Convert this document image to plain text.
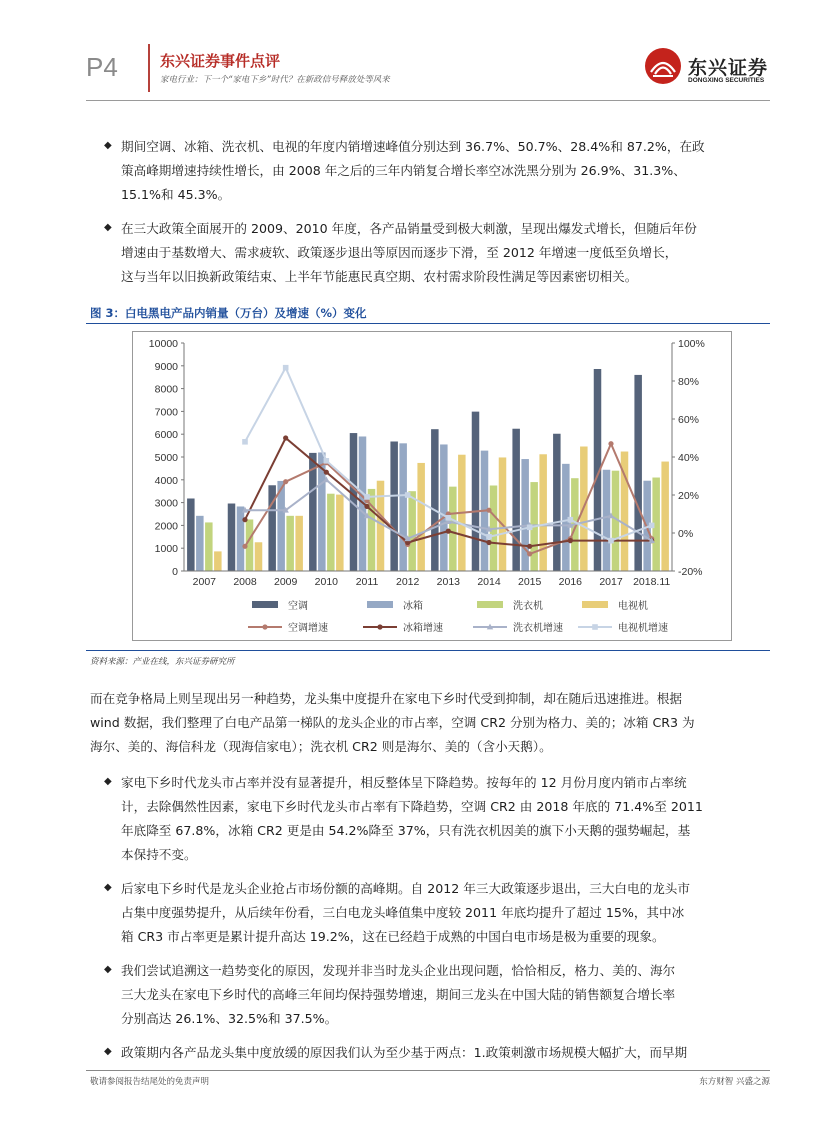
P4	东兴证券事件点评
家电行业：下一个“家电下乡”时代？在新政信号释放处等风来
东兴证券
DONGXING SECURITIES
图 3：白电黑电产品内销量（万台）及增速（%）变化
0
1000
2000
3000
4000
5000
6000
7000
8000
9000
10000
-20%
0%
20%
40%
60%
80%
100%
2007 2008 2009 2010 2011 2012 2013 2014 2015 2016 2017 2018.11
空调	冰箱	洗衣机	电视机
空调增速	冰箱增速	洗衣机增速	电视机增速
资料来源：产业在线，东兴证券研究所
敬请参阅报告结尾处的免责声明	东方财智 兴盛之源
◆ 期间空调、冰箱、洗衣机、电视的年度内销增速峰值分别达到 36.7%、50.7%、28.4%和 87.2%，在政
策高峰期增速持续性增长，由 2008 年之后的三年内销复合增长率空冰洗黑分别为 26.9%、31.3%、
15.1%和 45.3%。
◆ 在三大政策全面展开的 2009、2010 年度，各产品销量受到极大刺激，呈现出爆发式增长，但随后年份
增速由于基数增大、需求疲软、政策逐步退出等原因而逐步下滑，至 2012 年增速一度低至负增长，
这与当年以旧换新政策结束、上半年节能惠民真空期、农村需求阶段性满足等因素密切相关。
而在竞争格局上则呈现出另一种趋势，龙头集中度提升在家电下乡时代受到抑制，却在随后迅速推进。根据
wind 数据，我们整理了白电产品第一梯队的龙头企业的市占率，空调 CR2 分别为格力、美的；冰箱 CR3 为
海尔、美的、海信科龙（现海信家电）；洗衣机 CR2 则是海尔、美的（含小天鹅）。
◆ 家电下乡时代龙头市占率并没有显著提升，相反整体呈下降趋势。按每年的 12 月份月度内销市占率统
计，去除偶然性因素，家电下乡时代龙头市占率有下降趋势，空调 CR2 由 2018 年底的 71.4%至 2011
年底降至 67.8%，冰箱 CR2 更是由 54.2%降至 37%，只有洗衣机因美的旗下小天鹅的强势崛起，基
本保持不变。
◆ 后家电下乡时代是龙头企业抢占市场份额的高峰期。自 2012 年三大政策逐步退出，三大白电的龙头市
占集中度强势提升，从后续年份看，三白电龙头峰值集中度较 2011 年底均提升了超过 15%，其中冰
箱 CR3 市占率更是累计提升高达 19.2%，这在已经趋于成熟的中国白电市场是极为重要的现象。
◆ 我们尝试追溯这一趋势变化的原因，发现并非当时龙头企业出现问题，恰恰相反，格力、美的、海尔
三大龙头在家电下乡时代的高峰三年间均保持强势增速，期间三龙头在中国大陆的销售额复合增长率
分别高达 26.1%、32.5%和 37.5%。
◆ 政策期内各产品龙头集中度放缓的原因我们认为至少基于两点：1.政策刺激市场规模大幅扩大，而早期
